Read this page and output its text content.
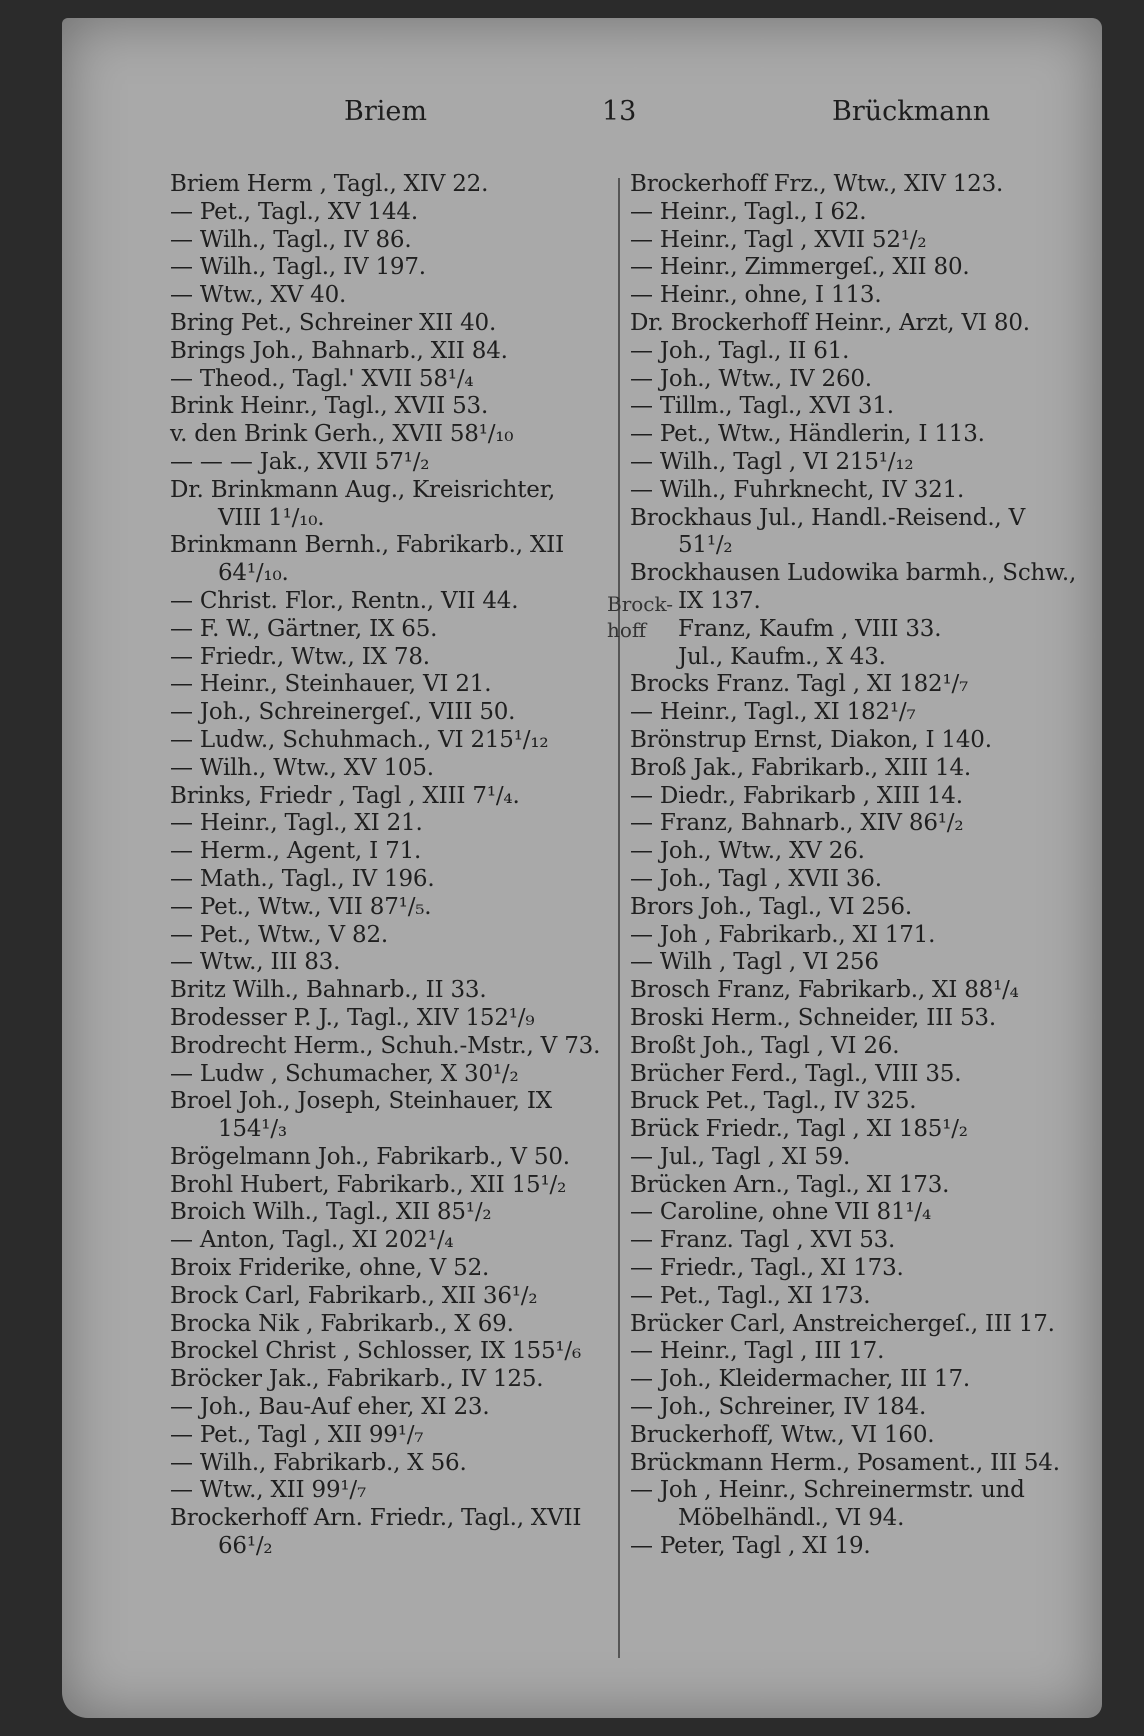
Briem	13	Brückmann
Briem Herm , Tagl., XIV 22.
— Pet., Tagl., XV 144.
— Wilh., Tagl., IV 86.
— Wilh., Tagl., IV 197.
— Wtw., XV 40.
Bring Pet., Schreiner XII 40.
Brings Joh., Bahnarb., XII 84.
— Theod., Tagl.' XVII 58¹/₄
Brink Heinr., Tagl., XVII 53.
v. den Brink Gerh., XVII 58¹/₁₀
— — — Jak., XVII 57¹/₂
Dr. Brinkmann Aug., Kreisrichter,
VIII 1¹/₁₀.
Brinkmann Bernh., Fabrikarb., XII
64¹/₁₀.
— Christ. Flor., Rentn., VII 44.
— F. W., Gärtner, IX 65.
— Friedr., Wtw., IX 78.
— Heinr., Steinhauer, VI 21.
— Joh., Schreinergeſ., VIII 50.
— Ludw., Schuhmach., VI 215¹/₁₂
— Wilh., Wtw., XV 105.
Brinks, Friedr , Tagl , XIII 7¹/₄.
— Heinr., Tagl., XI 21.
— Herm., Agent, I 71.
— Math., Tagl., IV 196.
— Pet., Wtw., VII 87¹/₅.
— Pet., Wtw., V 82.
— Wtw., III 83.
Britz Wilh., Bahnarb., II 33.
Brodesser P. J., Tagl., XIV 152¹/₉
Brodrecht Herm., Schuh.-Mstr., V 73.
— Ludw , Schumacher, X 30¹/₂
Broel Joh., Joseph, Steinhauer, IX
154¹/₃
Brögelmann Joh., Fabrikarb., V 50.
Brohl Hubert, Fabrikarb., XII 15¹/₂
Broich Wilh., Tagl., XII 85¹/₂
— Anton, Tagl., XI 202¹/₄
Broix Friderike, ohne, V 52.
Brock Carl, Fabrikarb., XII 36¹/₂
Brocka Nik , Fabrikarb., X 69.
Brockel Christ , Schlosser, IX 155¹/₆
Bröcker Jak., Fabrikarb., IV 125.
— Joh., Bau-Auf eher, XI 23.
— Pet., Tagl , XII 99¹/₇
— Wilh., Fabrikarb., X 56.
— Wtw., XII 99¹/₇
Brockerhoff Arn. Friedr., Tagl., XVII
66¹/₂
Brock-
hoff
Brockerhoff Frz., Wtw., XIV 123.
— Heinr., Tagl., I 62.
— Heinr., Tagl , XVII 52¹/₂
— Heinr., Zimmergeſ., XII 80.
— Heinr., ohne, I 113.
Dr. Brockerhoff Heinr., Arzt, VI 80.
— Joh., Tagl., II 61.
— Joh., Wtw., IV 260.
— Tillm., Tagl., XVI 31.
— Pet., Wtw., Händlerin, I 113.
— Wilh., Tagl , VI 215¹/₁₂
— Wilh., Fuhrknecht, IV 321.
Brockhaus Jul., Handl.-Reisend., V
51¹/₂
Brockhausen Ludowika barmh., Schw.,
IX 137.
Franz, Kaufm , VIII 33.
Jul., Kaufm., X 43.
Brocks Franz. Tagl , XI 182¹/₇
— Heinr., Tagl., XI 182¹/₇
Brönstrup Ernst, Diakon, I 140.
Broß Jak., Fabrikarb., XIII 14.
— Diedr., Fabrikarb , XIII 14.
— Franz, Bahnarb., XIV 86¹/₂
— Joh., Wtw., XV 26.
— Joh., Tagl , XVII 36.
Brors Joh., Tagl., VI 256.
— Joh , Fabrikarb., XI 171.
— Wilh , Tagl , VI 256
Brosch Franz, Fabrikarb., XI 88¹/₄
Broski Herm., Schneider, III 53.
Broßt Joh., Tagl , VI 26.
Brücher Ferd., Tagl., VIII 35.
Bruck Pet., Tagl., IV 325.
Brück Friedr., Tagl , XI 185¹/₂
— Jul., Tagl , XI 59.
Brücken Arn., Tagl., XI 173.
— Caroline, ohne VII 81¹/₄
— Franz. Tagl , XVI 53.
— Friedr., Tagl., XI 173.
— Pet., Tagl., XI 173.
Brücker Carl, Anstreichergeſ., III 17.
— Heinr., Tagl , III 17.
— Joh., Kleidermacher, III 17.
— Joh., Schreiner, IV 184.
Bruckerhoff, Wtw., VI 160.
Brückmann Herm., Posament., III 54.
— Joh , Heinr., Schreinermstr. und
Möbelhändl., VI 94.
— Peter, Tagl , XI 19.
